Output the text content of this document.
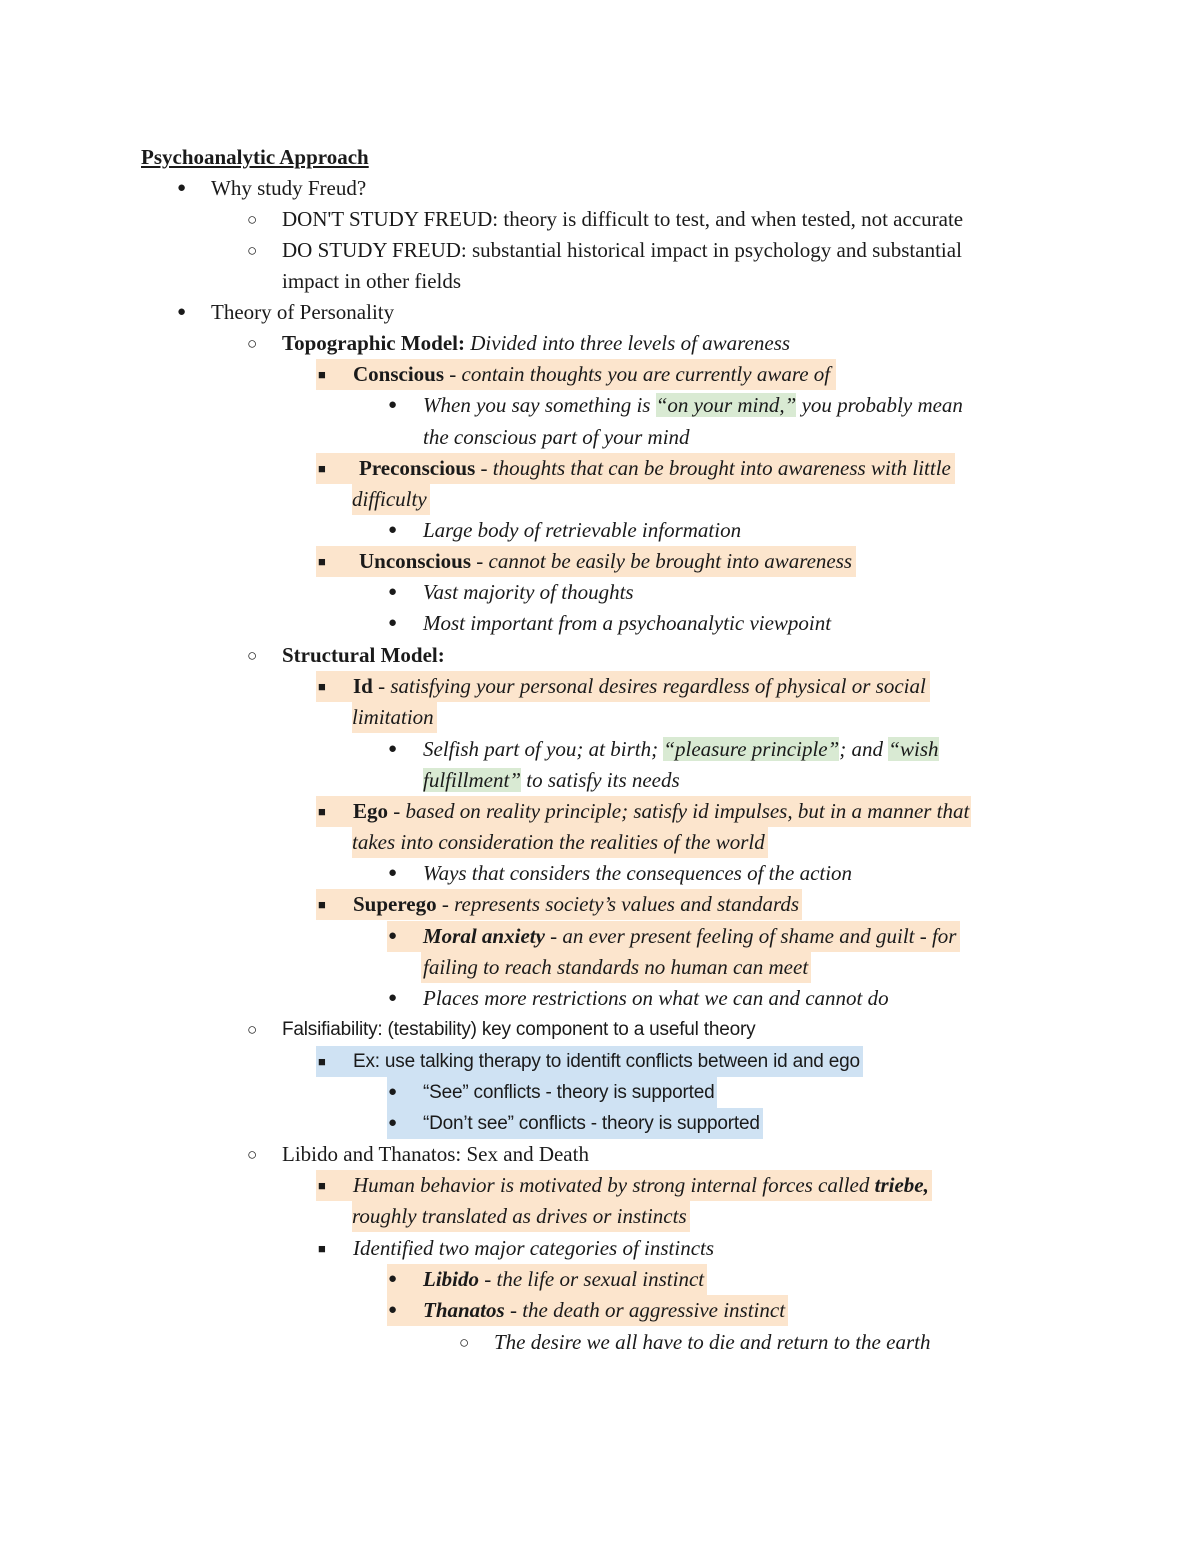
Psychoanalytic Approach
● Why study Freud?

○ DON'T STUDY FREUD: theory is difficult to test, and when tested, not accurate

○ DO STUDY FREUD: substantial historical impact in psychology and substantial

impact in other fields

● Theory of Personality

○ Topographic Model: Divided into three levels of awareness

Conscious - contain thoughts you are currently aware of

■
● When you say something is “on your mind,” you probably mean

the conscious part of your mind

Preconscious - thoughts that can be brought into awareness with little

■

difficulty

● Large body of retrievable information

Unconscious - cannot be easily be brought into awareness

■
● Vast majority of thoughts

● Most important from a psychoanalytic viewpoint

○ Structural Model:

Id - satisfying your personal desires regardless of physical or social

■

limitation

● Selfish part of you; at birth; “pleasure principle”; and “wish

fulfillment” to satisfy its needs

Ego - based on reality principle; satisfy id impulses, but in a manner that

■

takes into consideration the realities of the world

● Ways that considers the consequences of the action

Superego - represents society’s values and standards

■

Moral anxiety - an ever present feeling of shame and guilt - for

●

failing to reach standards no human can meet

● Places more restrictions on what we can and cannot do

○ Falsifiability: (testability) key component to a useful theory

Ex: use talking therapy to identift conflicts between id and ego

■

“See” conflicts - theory is supported

●

“Don’t see” conflicts - theory is supported

●
○ Libido and Thanatos: Sex and Death

Human behavior is motivated by strong internal forces called triebe,

■

roughly translated as drives or instincts

■ Identified two major categories of instincts

Libido - the life or sexual instinct

●

Thanatos - the death or aggressive instinct

●
○ The desire we all have to die and return to the earth
